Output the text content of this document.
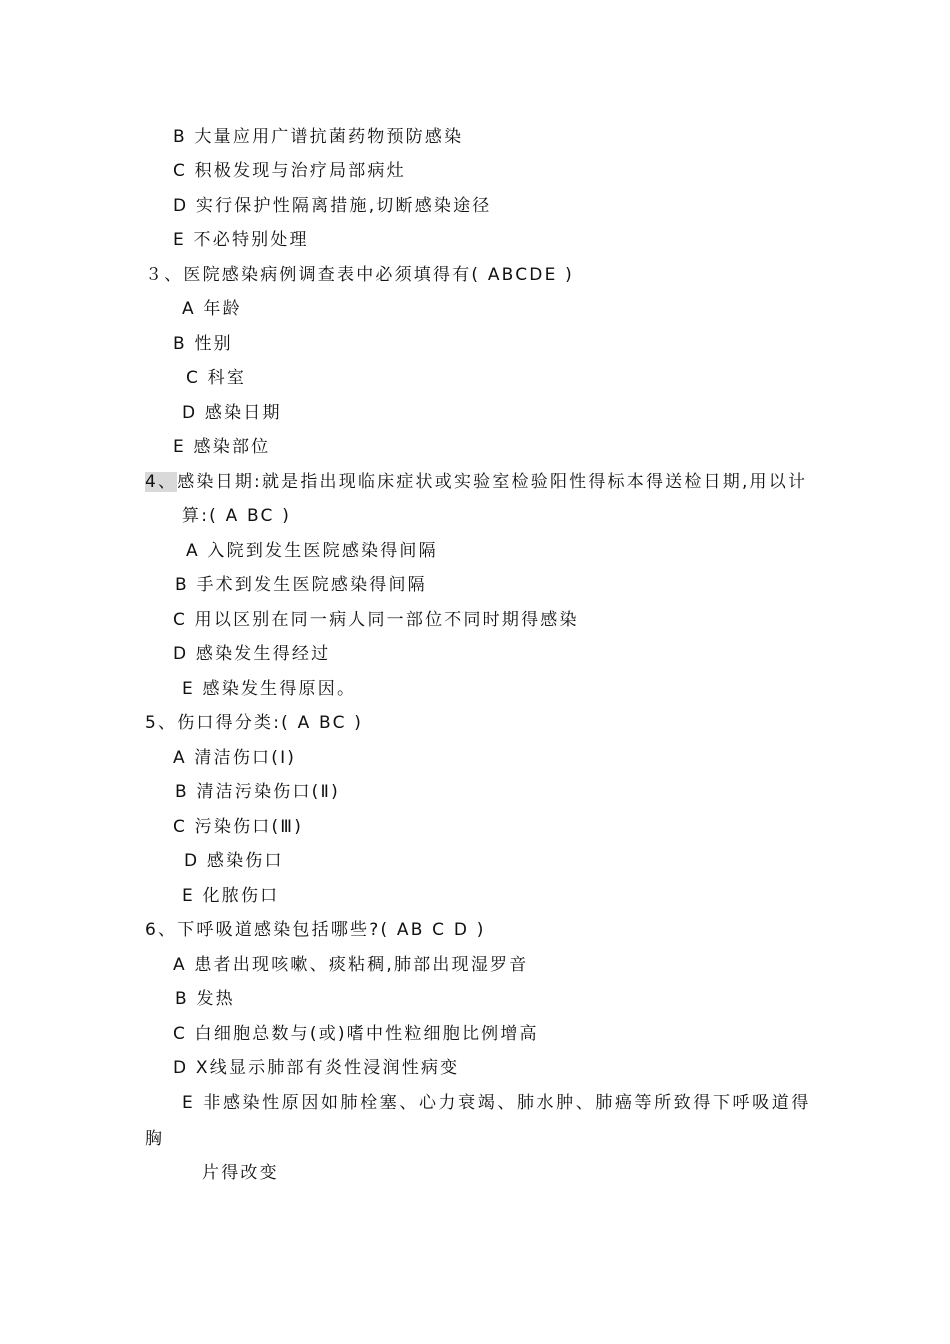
B 大量应用广谱抗菌药物预防感染
C 积极发现与治疗局部病灶
D 实行保护性隔离措施,切断感染途径
E 不必特别处理
３、医院感染病例调查表中必须填得有( ABCDE )
A 年龄
B 性别
C 科室
D 感染日期
E 感染部位
4、感染日期:就是指出现临床症状或实验室检验阳性得标本得送检日期,用以计
算:( A BC )
A 入院到发生医院感染得间隔
B 手术到发生医院感染得间隔
C 用以区别在同一病人同一部位不同时期得感染
D 感染发生得经过
E 感染发生得原因。
5、伤口得分类:( A BC )
A 清洁伤口(Ⅰ)
B 清洁污染伤口(Ⅱ)
C 污染伤口(Ⅲ)
D 感染伤口
E 化脓伤口
6、下呼吸道感染包括哪些?( AB C D )
A 患者出现咳嗽、痰粘稠,肺部出现湿罗音
B 发热
C 白细胞总数与(或)嗜中性粒细胞比例增高
D X线显示肺部有炎性浸润性病变
E 非感染性原因如肺栓塞、心力衰竭、肺水肿、肺癌等所致得下呼吸道得
胸
片得改变
